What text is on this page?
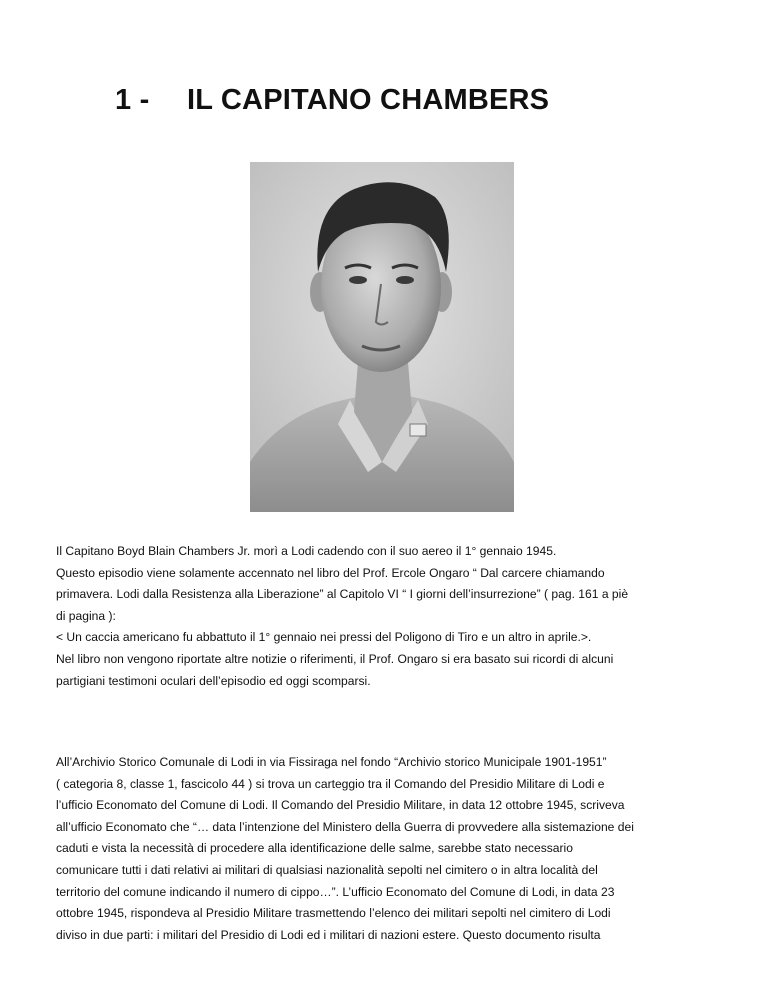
1 - IL CAPITANO CHAMBERS

Il Capitano Boyd Blain Chambers Jr. morì a Lodi cadendo con il suo aereo il 1° gennaio 1945.

Questo episodio viene solamente accennato nel libro del Prof. Ercole Ongaro “ Dal carcere chiamando

primavera. Lodi dalla Resistenza alla Liberazione” al Capitolo VI “ I giorni dell’insurrezione” ( pag. 161 a piè

di pagina ):

< Un caccia americano fu abbattuto il 1° gennaio nei pressi del Poligono di Tiro e un altro in aprile.>.

Nel libro non vengono riportate altre notizie o riferimenti, il Prof. Ongaro si era basato sui ricordi di alcuni

partigiani testimoni oculari dell’episodio ed oggi scomparsi.

All’Archivio Storico Comunale di Lodi in via Fissiraga nel fondo “Archivio storico Municipale 1901-1951”

( categoria 8, classe 1, fascicolo 44 ) si trova un carteggio tra il Comando del Presidio Militare di Lodi e

l’ufficio Economato del Comune di Lodi. Il Comando del Presidio Militare, in data 12 ottobre 1945, scriveva

all’ufficio Economato che “… data l’intenzione del Ministero della Guerra di provvedere alla sistemazione dei

caduti e vista la necessità di procedere alla identificazione delle salme, sarebbe stato necessario

comunicare tutti i dati relativi ai militari di qualsiasi nazionalità sepolti nel cimitero o in altra località del

territorio del comune indicando il numero di cippo…”. L’ufficio Economato del Comune di Lodi, in data 23

ottobre 1945, rispondeva al Presidio Militare trasmettendo l’elenco dei militari sepolti nel cimitero di Lodi

diviso in due parti: i militari del Presidio di Lodi ed i militari di nazioni estere. Questo documento risulta
